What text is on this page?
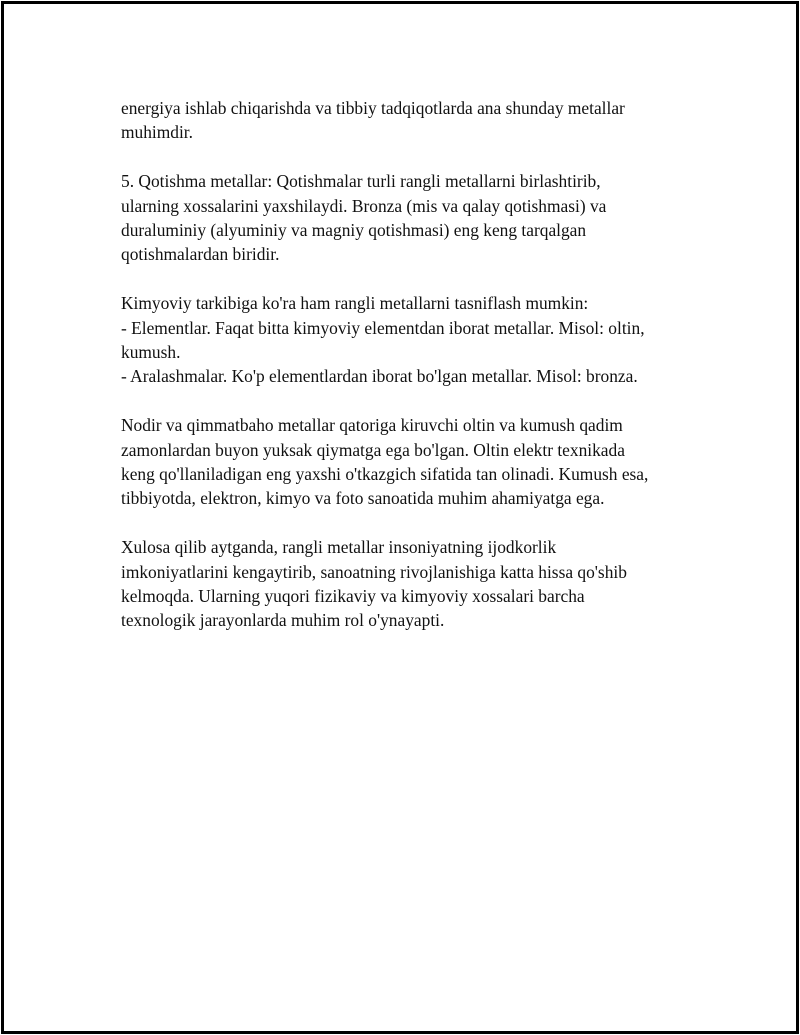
energiya ishlab chiqarishda va tibbiy tadqiqotlarda ana shunday metallar
muhimdir.

5. Qotishma metallar: Qotishmalar turli rangli metallarni birlashtirib,
ularning xossalarini yaxshilaydi. Bronza (mis va qalay qotishmasi) va
duraluminiy (alyuminiy va magniy qotishmasi) eng keng tarqalgan
qotishmalardan biridir.

Kimyoviy tarkibiga ko'ra ham rangli metallarni tasniflash mumkin:
- Elementlar. Faqat bitta kimyoviy elementdan iborat metallar. Misol: oltin,
kumush.
- Aralashmalar. Ko'p elementlardan iborat bo'lgan metallar. Misol: bronza.

Nodir va qimmatbaho metallar qatoriga kiruvchi oltin va kumush qadim
zamonlardan buyon yuksak qiymatga ega bo'lgan. Oltin elektr texnikada
keng qo'llaniladigan eng yaxshi o'tkazgich sifatida tan olinadi. Kumush esa,
tibbiyotda, elektron, kimyo va foto sanoatida muhim ahamiyatga ega.

Xulosa qilib aytganda, rangli metallar insoniyatning ijodkorlik
imkoniyatlarini kengaytirib, sanoatning rivojlanishiga katta hissa qo'shib
kelmoqda. Ularning yuqori fizikaviy va kimyoviy xossalari barcha
texnologik jarayonlarda muhim rol o'ynayapti.
